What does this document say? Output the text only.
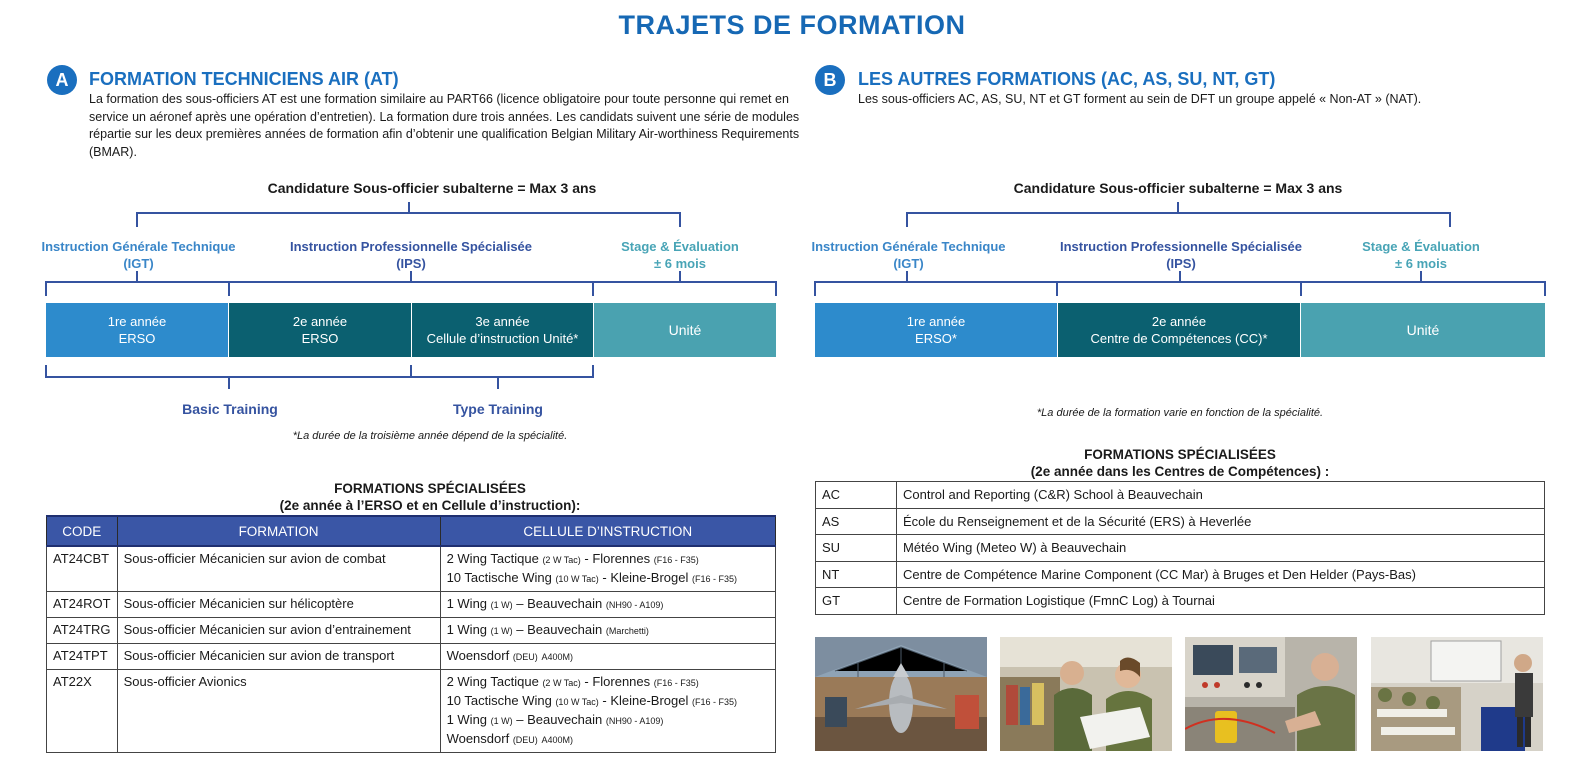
TRAJETS DE FORMATION
A	FORMATION TECHNICIENS AIR (AT)
La formation des sous-officiers AT est une formation similaire au PART66 (licence obligatoire pour toute personne qui remet en service un aéronef après une opération d’entretien). La formation dure trois années. Les candidats suivent une série de modules répartie sur les deux premières années de formation afin d’obtenir une qualification Belgian Military Air-worthiness Requirements (BMAR).
B	LES AUTRES FORMATIONS (AC, AS, SU, NT, GT)
Les sous-officiers AC, AS, SU, NT et GT forment au sein de DFT un groupe appelé « Non-AT » (NAT).
Candidature Sous-officier subalterne = Max 3 ans
Instruction Générale Technique
(IGT)
Instruction Professionnelle Spécialisée
(IPS)
Stage & Évaluation
± 6 mois
1re année
ERSO
2e année
ERSO
3e année
Cellule d’instruction Unité*
Unité
Basic Training	Type Training
*La durée de la troisième année dépend de la spécialité.
FORMATIONS SPÉCIALISÉES
(2e année à l’ERSO et en Cellule d’instruction):
CODE	FORMATION	CELLULE D’INSTRUCTION
AT24CBT	Sous-officier Mécanicien sur avion de combat	2 Wing Tactique (2 W Tac) - Florennes (F16 - F35)
10 Tactische Wing (10 W Tac) - Kleine-Brogel (F16 - F35)

AT24ROT	Sous-officier Mécanicien sur hélicoptère	1 Wing (1 W) – Beauvechain (NH90 - A109)

AT24TRG	Sous-officier Mécanicien sur avion d’entrainement	1 Wing (1 W) – Beauvechain (Marchetti)

AT24TPT	Sous-officier Mécanicien sur avion de transport	Woensdorf (DEU) A400M)

AT22X	Sous-officier Avionics	2 Wing Tactique (2 W Tac) - Florennes (F16 - F35)
10 Tactische Wing (10 W Tac) - Kleine-Brogel (F16 - F35)
1 Wing (1 W) – Beauvechain (NH90 - A109)
Woensdorf (DEU) A400M)
Candidature Sous-officier subalterne = Max 3 ans
Instruction Générale Technique
(IGT)
Instruction Professionnelle Spécialisée
(IPS)
Stage & Évaluation
± 6 mois
1re année
ERSO*
2e année
Centre de Compétences (CC)*
Unité
*La durée de la formation varie en fonction de la spécialité.
FORMATIONS SPÉCIALISÉES
(2e année dans les Centres de Compétences) :
AC	Control and Reporting (C&R) School à Beauvechain
AS	École du Renseignement et de la Sécurité (ERS) à Heverlée
SU	Météo Wing (Meteo W) à Beauvechain
NT	Centre de Compétence Marine Component (CC Mar) à Bruges et Den Helder (Pays-Bas)
GT	Centre de Formation Logistique (FmnC Log) à Tournai
